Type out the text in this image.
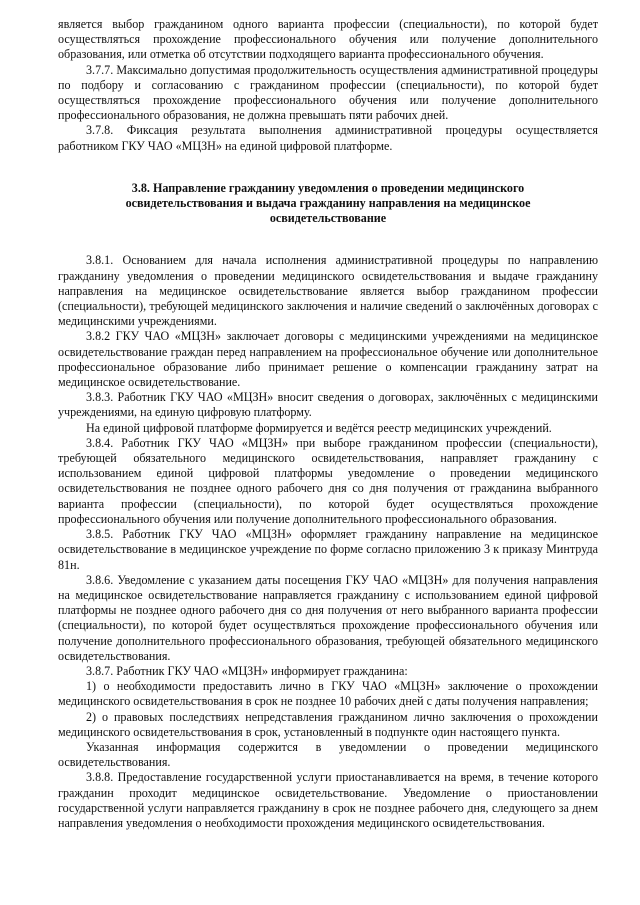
является выбор гражданином одного варианта профессии (специальности), по которой будет осуществляться прохождение профессионального обучения или получение дополнительного образования, или отметка об отсутствии подходящего варианта профессионального обучения.

3.7.7. Максимально допустимая продолжительность осуществления административной процедуры по подбору и согласованию с гражданином профессии (специальности), по которой будет осуществляться прохождение профессионального обучения или получение дополнительного профессионального образования, не должна превышать пяти рабочих дней.

3.7.8. Фиксация результата выполнения административной процедуры осуществляется работником ГКУ ЧАО «МЦЗН» на единой цифровой платформе.

3.8. Направление гражданину уведомления о проведении медицинского освидетельствования и выдача гражданину направления на медицинское освидетельствование

3.8.1. Основанием для начала исполнения административной процедуры по направлению гражданину уведомления о проведении медицинского освидетельствования и выдаче гражданину направления на медицинское освидетельствование является выбор гражданином профессии (специальности), требующей медицинского заключения и наличие сведений о заключённых договорах с медицинскими учреждениями.

3.8.2 ГКУ ЧАО «МЦЗН» заключает договоры с медицинскими учреждениями на медицинское освидетельствование граждан перед направлением на профессиональное обучение или дополнительное профессиональное образование либо принимает решение о компенсации гражданину затрат на медицинское освидетельствование.

3.8.3. Работник ГКУ ЧАО «МЦЗН» вносит сведения о договорах, заключённых с медицинскими учреждениями, на единую цифровую платформу.

На единой цифровой платформе формируется и ведётся реестр медицинских учреждений.

3.8.4. Работник ГКУ ЧАО «МЦЗН» при выборе гражданином профессии (специальности), требующей обязательного медицинского освидетельствования, направляет гражданину с использованием единой цифровой платформы уведомление о проведении медицинского освидетельствования не позднее одного рабочего дня со дня получения от гражданина выбранного варианта профессии (специальности), по которой будет осуществляться прохождение профессионального обучения или получение дополнительного профессионального образования.

3.8.5. Работник ГКУ ЧАО «МЦЗН» оформляет гражданину направление на медицинское освидетельствование в медицинское учреждение по форме согласно приложению 3 к приказу Минтруда 81н.

3.8.6. Уведомление с указанием даты посещения ГКУ ЧАО «МЦЗН» для получения направления на медицинское освидетельствование направляется гражданину с использованием единой цифровой платформы не позднее одного рабочего дня со дня получения от него выбранного варианта профессии (специальности), по которой будет осуществляться прохождение профессионального обучения или получение дополнительного профессионального образования, требующей обязательного медицинского освидетельствования.

3.8.7. Работник ГКУ ЧАО «МЦЗН» информирует гражданина:

1) о необходимости предоставить лично в ГКУ ЧАО «МЦЗН» заключение о прохождении медицинского освидетельствования в срок не позднее 10 рабочих дней с даты получения направления;

2) о правовых последствиях непредставления гражданином лично заключения о прохождении медицинского освидетельствования в срок, установленный в подпункте один настоящего пункта.

Указанная информация содержится в уведомлении о проведении медицинского освидетельствования.

3.8.8. Предоставление государственной услуги приостанавливается на время, в течение которого гражданин проходит медицинское освидетельствование. Уведомление о приостановлении государственной услуги направляется гражданину в срок не позднее рабочего дня, следующего за днем направления уведомления о необходимости прохождения медицинского освидетельствования.
